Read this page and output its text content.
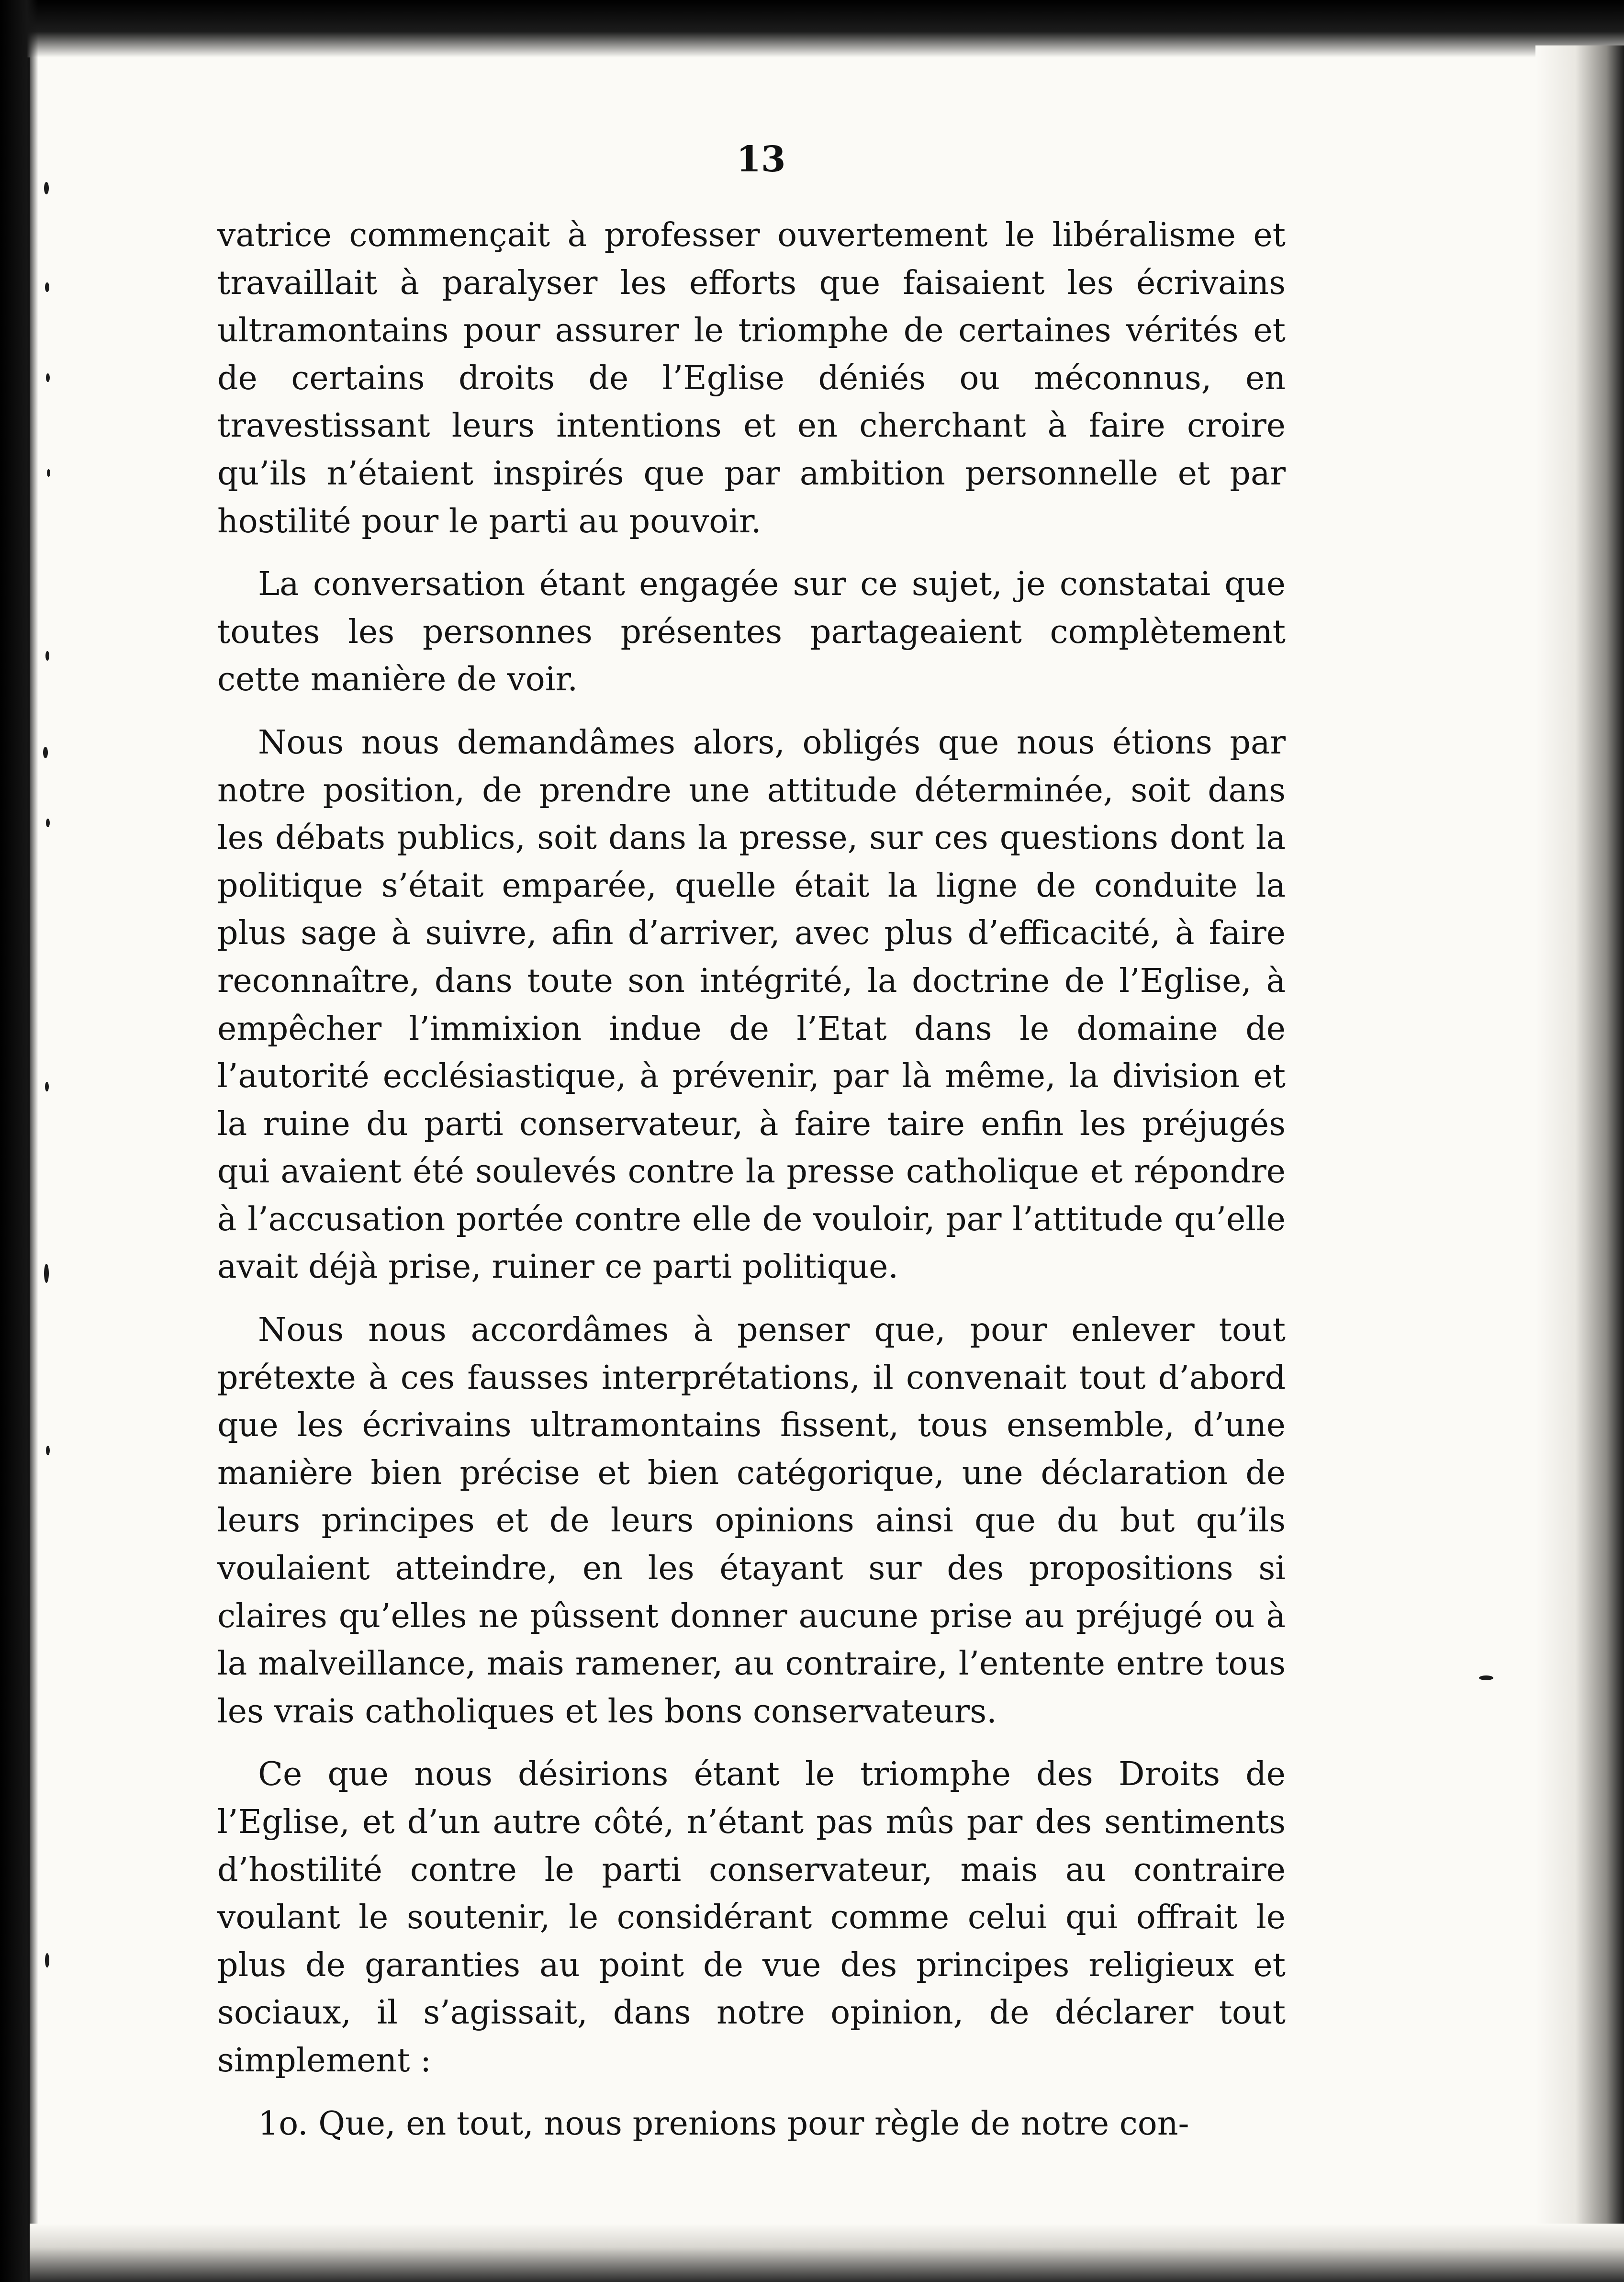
13

vatrice commençait à professer ouvertement le libéralisme et travaillait à paralyser les efforts que faisaient les écrivains ultramontains pour assurer le triomphe de certaines vérités et de certains droits de l’Eglise déniés ou méconnus, en travestissant leurs intentions et en cherchant à faire croire qu’ils n’étaient inspirés que par ambition personnelle et par hostilité pour le parti au pouvoir.

La conversation étant engagée sur ce sujet, je constatai que toutes les personnes présentes partageaient complètement cette manière de voir.

Nous nous demandâmes alors, obligés que nous étions par notre position, de prendre une attitude déterminée, soit dans les débats publics, soit dans la presse, sur ces questions dont la politique s’était emparée, quelle était la ligne de conduite la plus sage à suivre, afin d’arriver, avec plus d’efficacité, à faire reconnaître, dans toute son intégrité, la doctrine de l’Eglise, à empêcher l’immixion indue de l’Etat dans le domaine de l’autorité ecclésiastique, à prévenir, par là même, la division et la ruine du parti conservateur, à faire taire enfin les préjugés qui avaient été soulevés contre la presse catholique et répondre à l’accusation portée contre elle de vouloir, par l’attitude qu’elle avait déjà prise, ruiner ce parti politique.

Nous nous accordâmes à penser que, pour enlever tout prétexte à ces fausses interprétations, il convenait tout d’abord que les écrivains ultramontains fissent, tous ensemble, d’une manière bien précise et bien catégorique, une déclaration de leurs principes et de leurs opinions ainsi que du but qu’ils voulaient atteindre, en les étayant sur des propositions si claires qu’elles ne pûssent donner aucune prise au préjugé ou à la malveillance, mais ramener, au contraire, l’entente entre tous les vrais catholiques et les bons conservateurs.

Ce que nous désirions étant le triomphe des Droits de l’Eglise, et d’un autre côté, n’étant pas mûs par des sentiments d’hostilité contre le parti conservateur, mais au contraire voulant le soutenir, le considérant comme celui qui offrait le plus de garanties au point de vue des principes religieux et sociaux, il s’agissait, dans notre opinion, de déclarer tout simplement :

1o. Que, en tout, nous prenions pour règle de notre con-
